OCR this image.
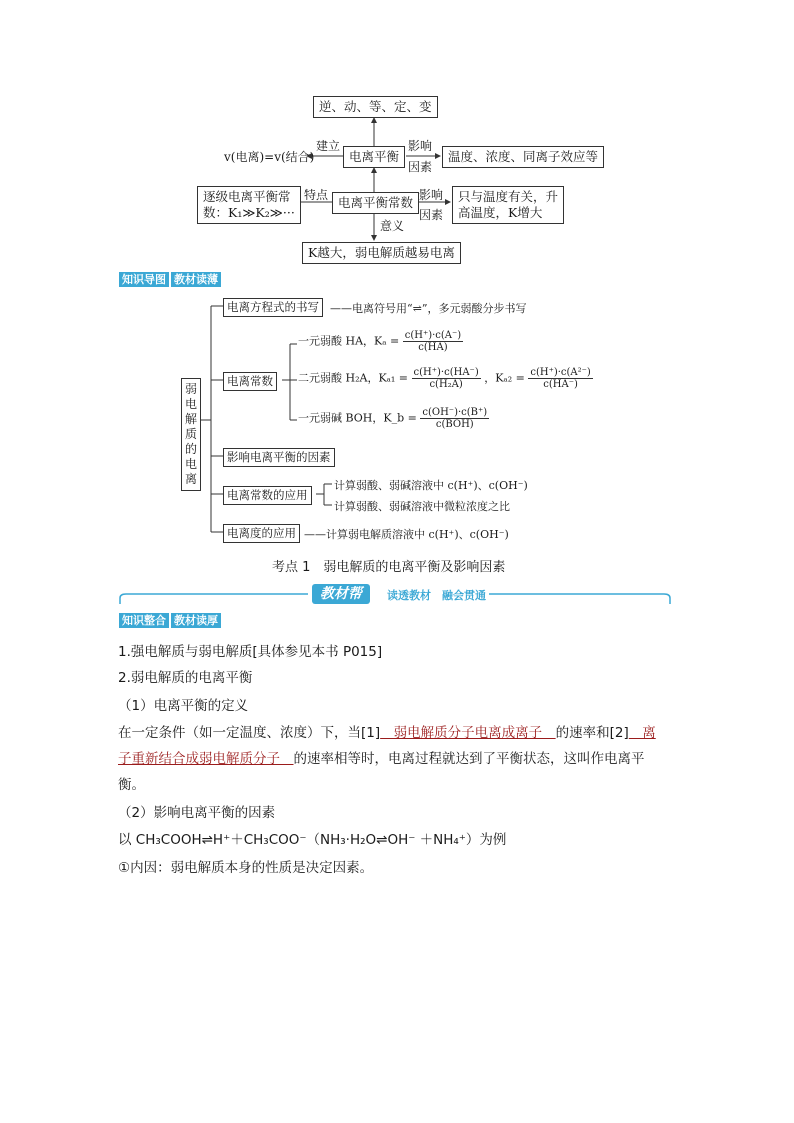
逆、动、等、定、变
电离平衡
建立
v(电离)=v(结合)
影响
因素
温度、浓度、同离子效应等
电离平衡常数
特点
逐级电离平衡常
数：K₁≫K₂≫···
影响
因素
只与温度有关，升
高温度，K增大
意义
K越大，弱电解质越易电离
知识导图 教材读薄
弱电解质的电离
电离方程式的书写	——电离符号用“⇌”，多元弱酸分步书写
电离常数
一元弱酸 HA，$K_a = \frac{c(H^+)\cdot c(A^-)}{c(HA)}$
二元弱酸 H₂A，$K_{a1} = \frac{c(H^+)\cdot c(HA^-)}{\text{c(H₂A)}}$ ，$K_{a2} = \frac{\text{c(H⁺)·c(A²⁻)}}{c(HA^-)}$
一元弱碱 BOH，K_b = $\frac{c(OH^-)\cdot c(B^+)}{\text{c(BOH)}}$
影响电离平衡的因素
电离常数的应用
计算弱酸、弱碱溶液中 c(H⁺)、c(OH⁻)
计算弱酸、弱碱溶液中微粒浓度之比
电离度的应用 ——计算弱电解质溶液中 c(H⁺)、c(OH⁻)
考点 1　弱电解质的电离平衡及影响因素
教材帮	读透教材　融会贯通
知识整合 教材读厚
1.强电解质与弱电解质[具体参见本书 P015]
2.弱电解质的电离平衡
（1）电离平衡的定义
在一定条件（如一定温度、浓度）下，当[1]　弱电解质分子电离成离子　的速率和[2]　离
子重新结合成弱电解质分子　的速率相等时，电离过程就达到了平衡状态，这叫作电离平
衡。
（2）影响电离平衡的因素
以 CH₃COOH⇌H⁺＋CH₃COO⁻（NH₃·H₂O⇌OH⁻ ＋NH₄⁺）为例
①内因：弱电解质本身的性质是决定因素。
